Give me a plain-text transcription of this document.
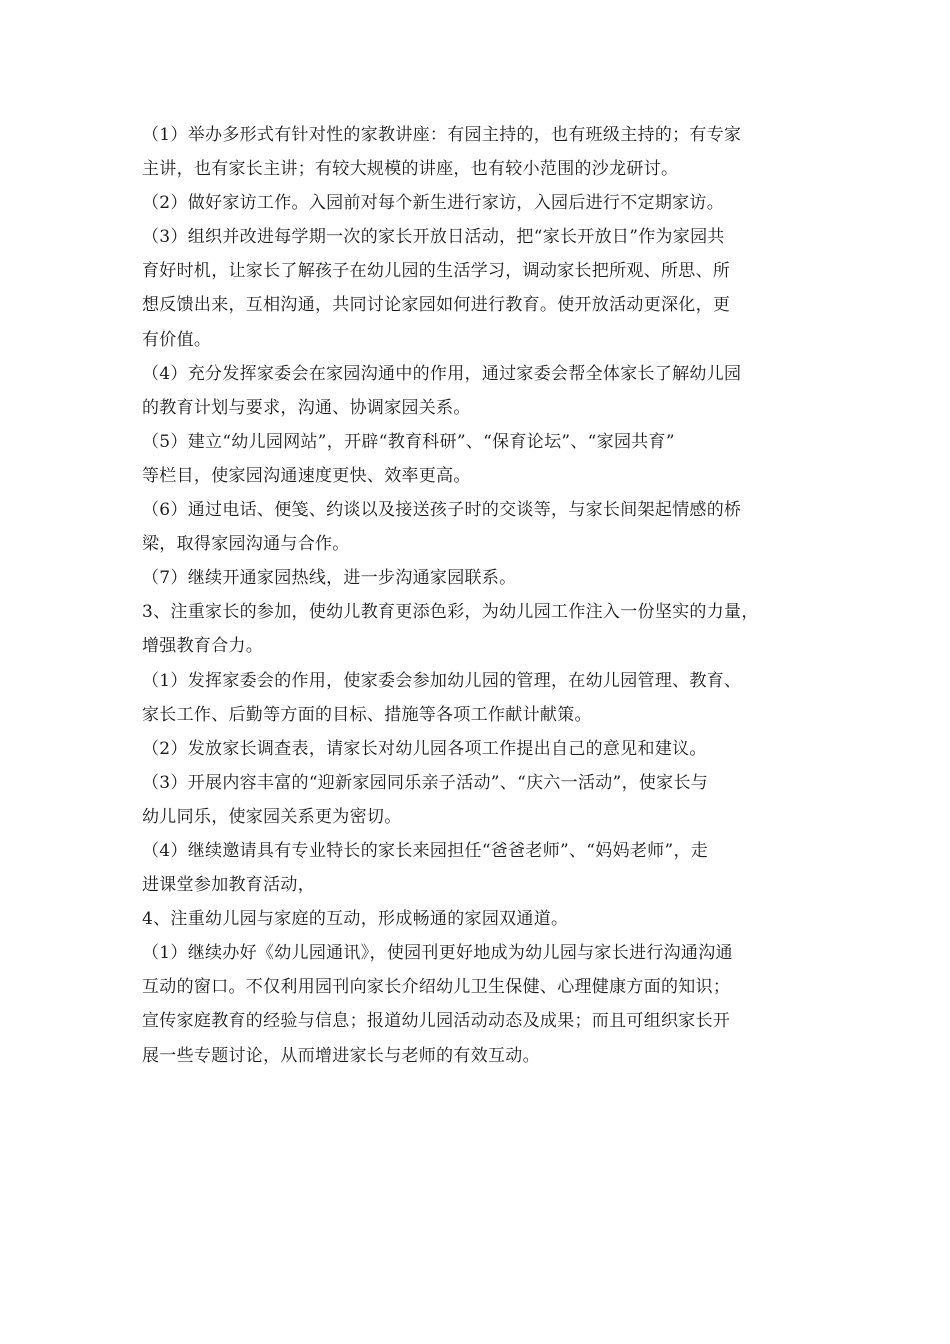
（1）举办多形式有针对性的家教讲座：有园主持的，也有班级主持的；有专家
主讲，也有家长主讲；有较大规模的讲座，也有较小范围的沙龙研讨。
（2）做好家访工作。入园前对每个新生进行家访，入园后进行不定期家访。
（3）组织并改进每学期一次的家长开放日活动，把“家长开放日”作为家园共
育好时机，让家长了解孩子在幼儿园的生活学习，调动家长把所观、所思、所
想反馈出来，互相沟通，共同讨论家园如何进行教育。使开放活动更深化，更
有价值。
（4）充分发挥家委会在家园沟通中的作用，通过家委会帮全体家长了解幼儿园
的教育计划与要求，沟通、协调家园关系。
（5）建立“幼儿园网站”，开辟“教育科研”、“保育论坛”、“家园共育”
等栏目，使家园沟通速度更快、效率更高。
（6）通过电话、便笺、约谈以及接送孩子时的交谈等，与家长间架起情感的桥
梁，取得家园沟通与合作。
（7）继续开通家园热线，进一步沟通家园联系。
3、注重家长的参加，使幼儿教育更添色彩，为幼儿园工作注入一份坚实的力量，
增强教育合力。
（1）发挥家委会的作用，使家委会参加幼儿园的管理，在幼儿园管理、教育、
家长工作、后勤等方面的目标、措施等各项工作献计献策。
（2）发放家长调查表，请家长对幼儿园各项工作提出自己的意见和建议。
（3）开展内容丰富的“迎新家园同乐亲子活动”、“庆六一活动”，使家长与
幼儿同乐，使家园关系更为密切。
（4）继续邀请具有专业特长的家长来园担任“爸爸老师”、“妈妈老师”，走
进课堂参加教育活动，
4、注重幼儿园与家庭的互动，形成畅通的家园双通道。
（1）继续办好《幼儿园通讯》，使园刊更好地成为幼儿园与家长进行沟通沟通
互动的窗口。不仅利用园刊向家长介绍幼儿卫生保健、心理健康方面的知识；
宣传家庭教育的经验与信息；报道幼儿园活动动态及成果；而且可组织家长开
展一些专题讨论，从而增进家长与老师的有效互动。
